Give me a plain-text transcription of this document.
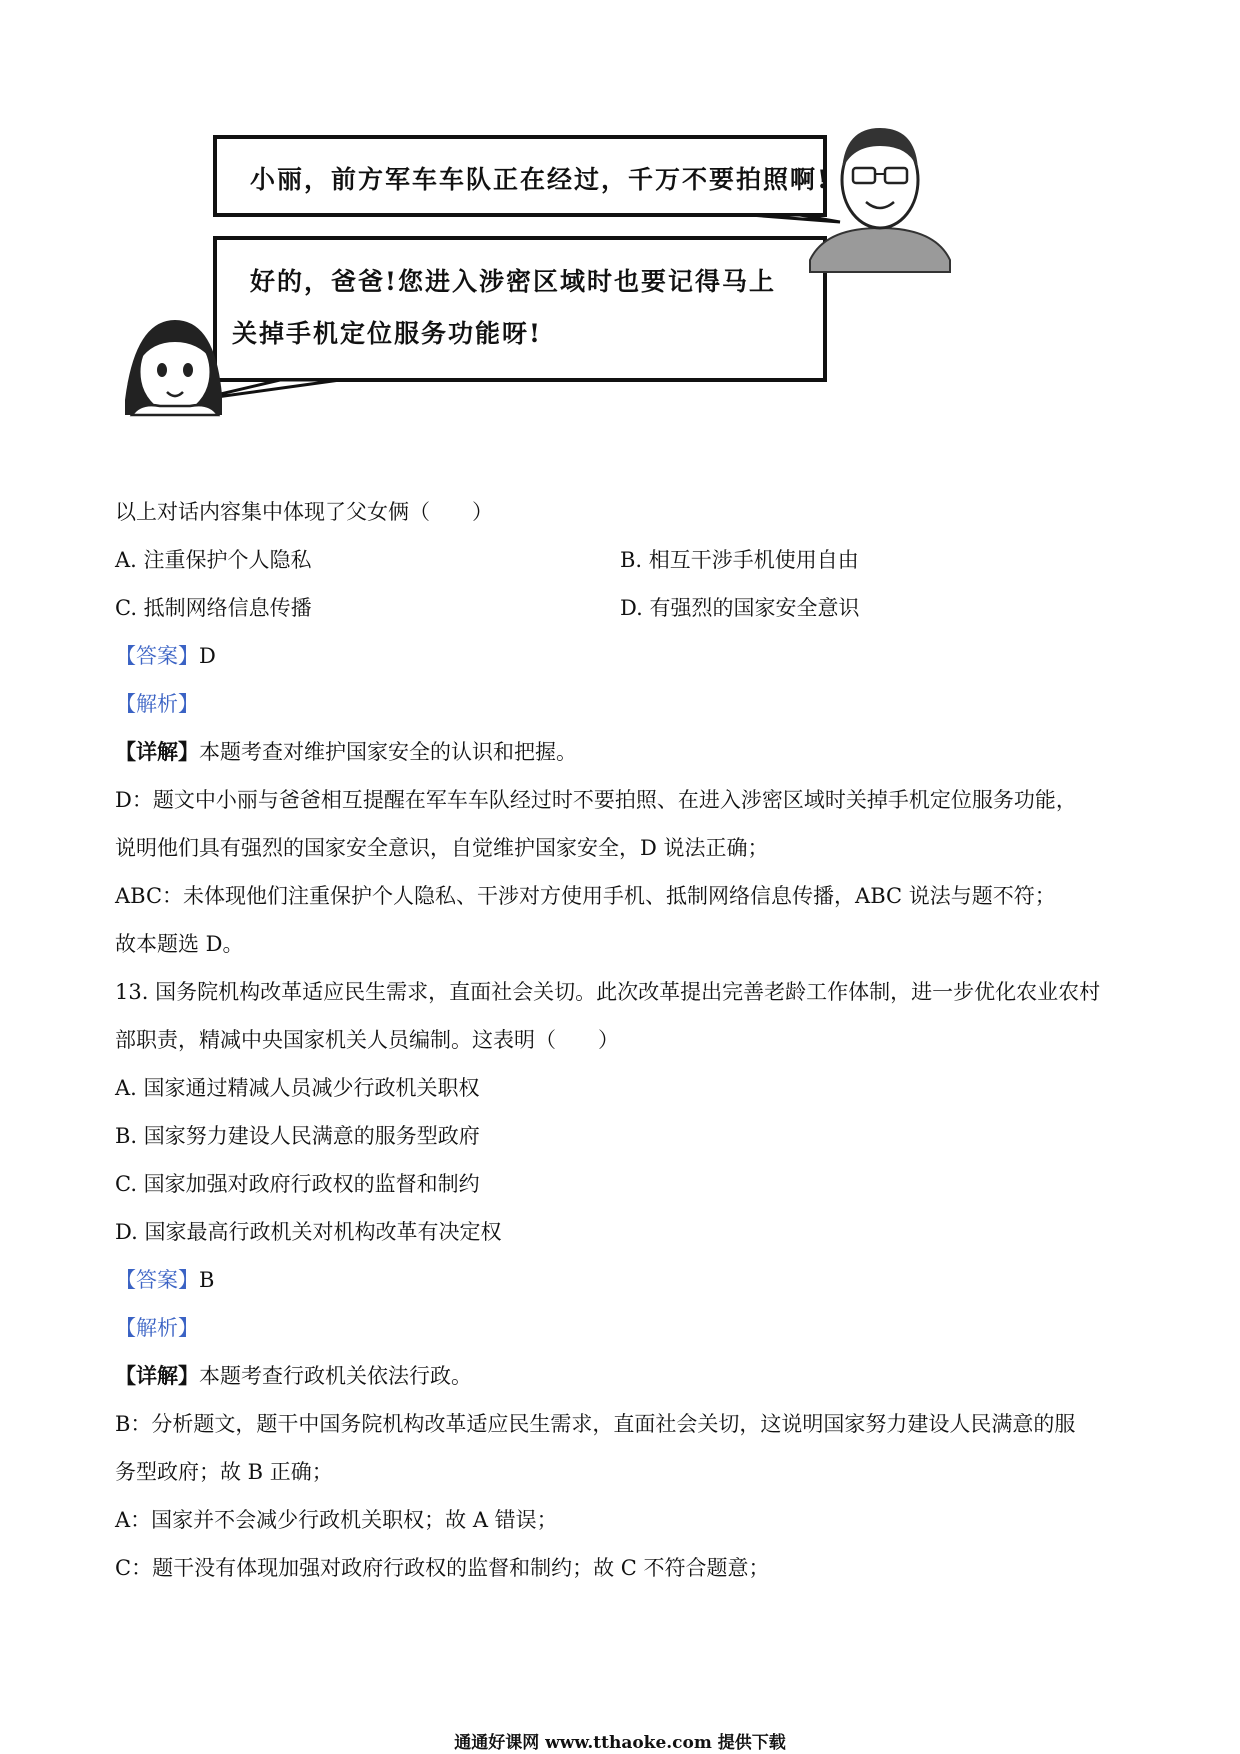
小丽，前方军车车队正在经过，千万不要拍照啊!
好的，爸爸!您进入涉密区域时也要记得马上
关掉手机定位服务功能呀!
以上对话内容集中体现了父女俩（　　）
A. 注重保护个人隐私	B. 相互干涉手机使用自由
C. 抵制网络信息传播	D. 有强烈的国家安全意识
【答案】D
【解析】
【详解】本题考查对维护国家安全的认识和把握。
D：题文中小丽与爸爸相互提醒在军车车队经过时不要拍照、在进入涉密区域时关掉手机定位服务功能，
说明他们具有强烈的国家安全意识，自觉维护国家安全，D 说法正确；
ABC：未体现他们注重保护个人隐私、干涉对方使用手机、抵制网络信息传播，ABC 说法与题不符；
故本题选 D。
13. 国务院机构改革适应民生需求，直面社会关切。此次改革提出完善老龄工作体制，进一步优化农业农村
部职责，精减中央国家机关人员编制。这表明（　　）
A. 国家通过精减人员减少行政机关职权
B. 国家努力建设人民满意的服务型政府
C. 国家加强对政府行政权的监督和制约
D. 国家最高行政机关对机构改革有决定权
【答案】B
【解析】
【详解】本题考查行政机关依法行政。
B：分析题文，题干中国务院机构改革适应民生需求，直面社会关切，这说明国家努力建设人民满意的服
务型政府；故 B 正确；
A：国家并不会减少行政机关职权；故 A 错误；
C：题干没有体现加强对政府行政权的监督和制约；故 C 不符合题意；
通通好课网 www.tthaoke.com 提供下载
